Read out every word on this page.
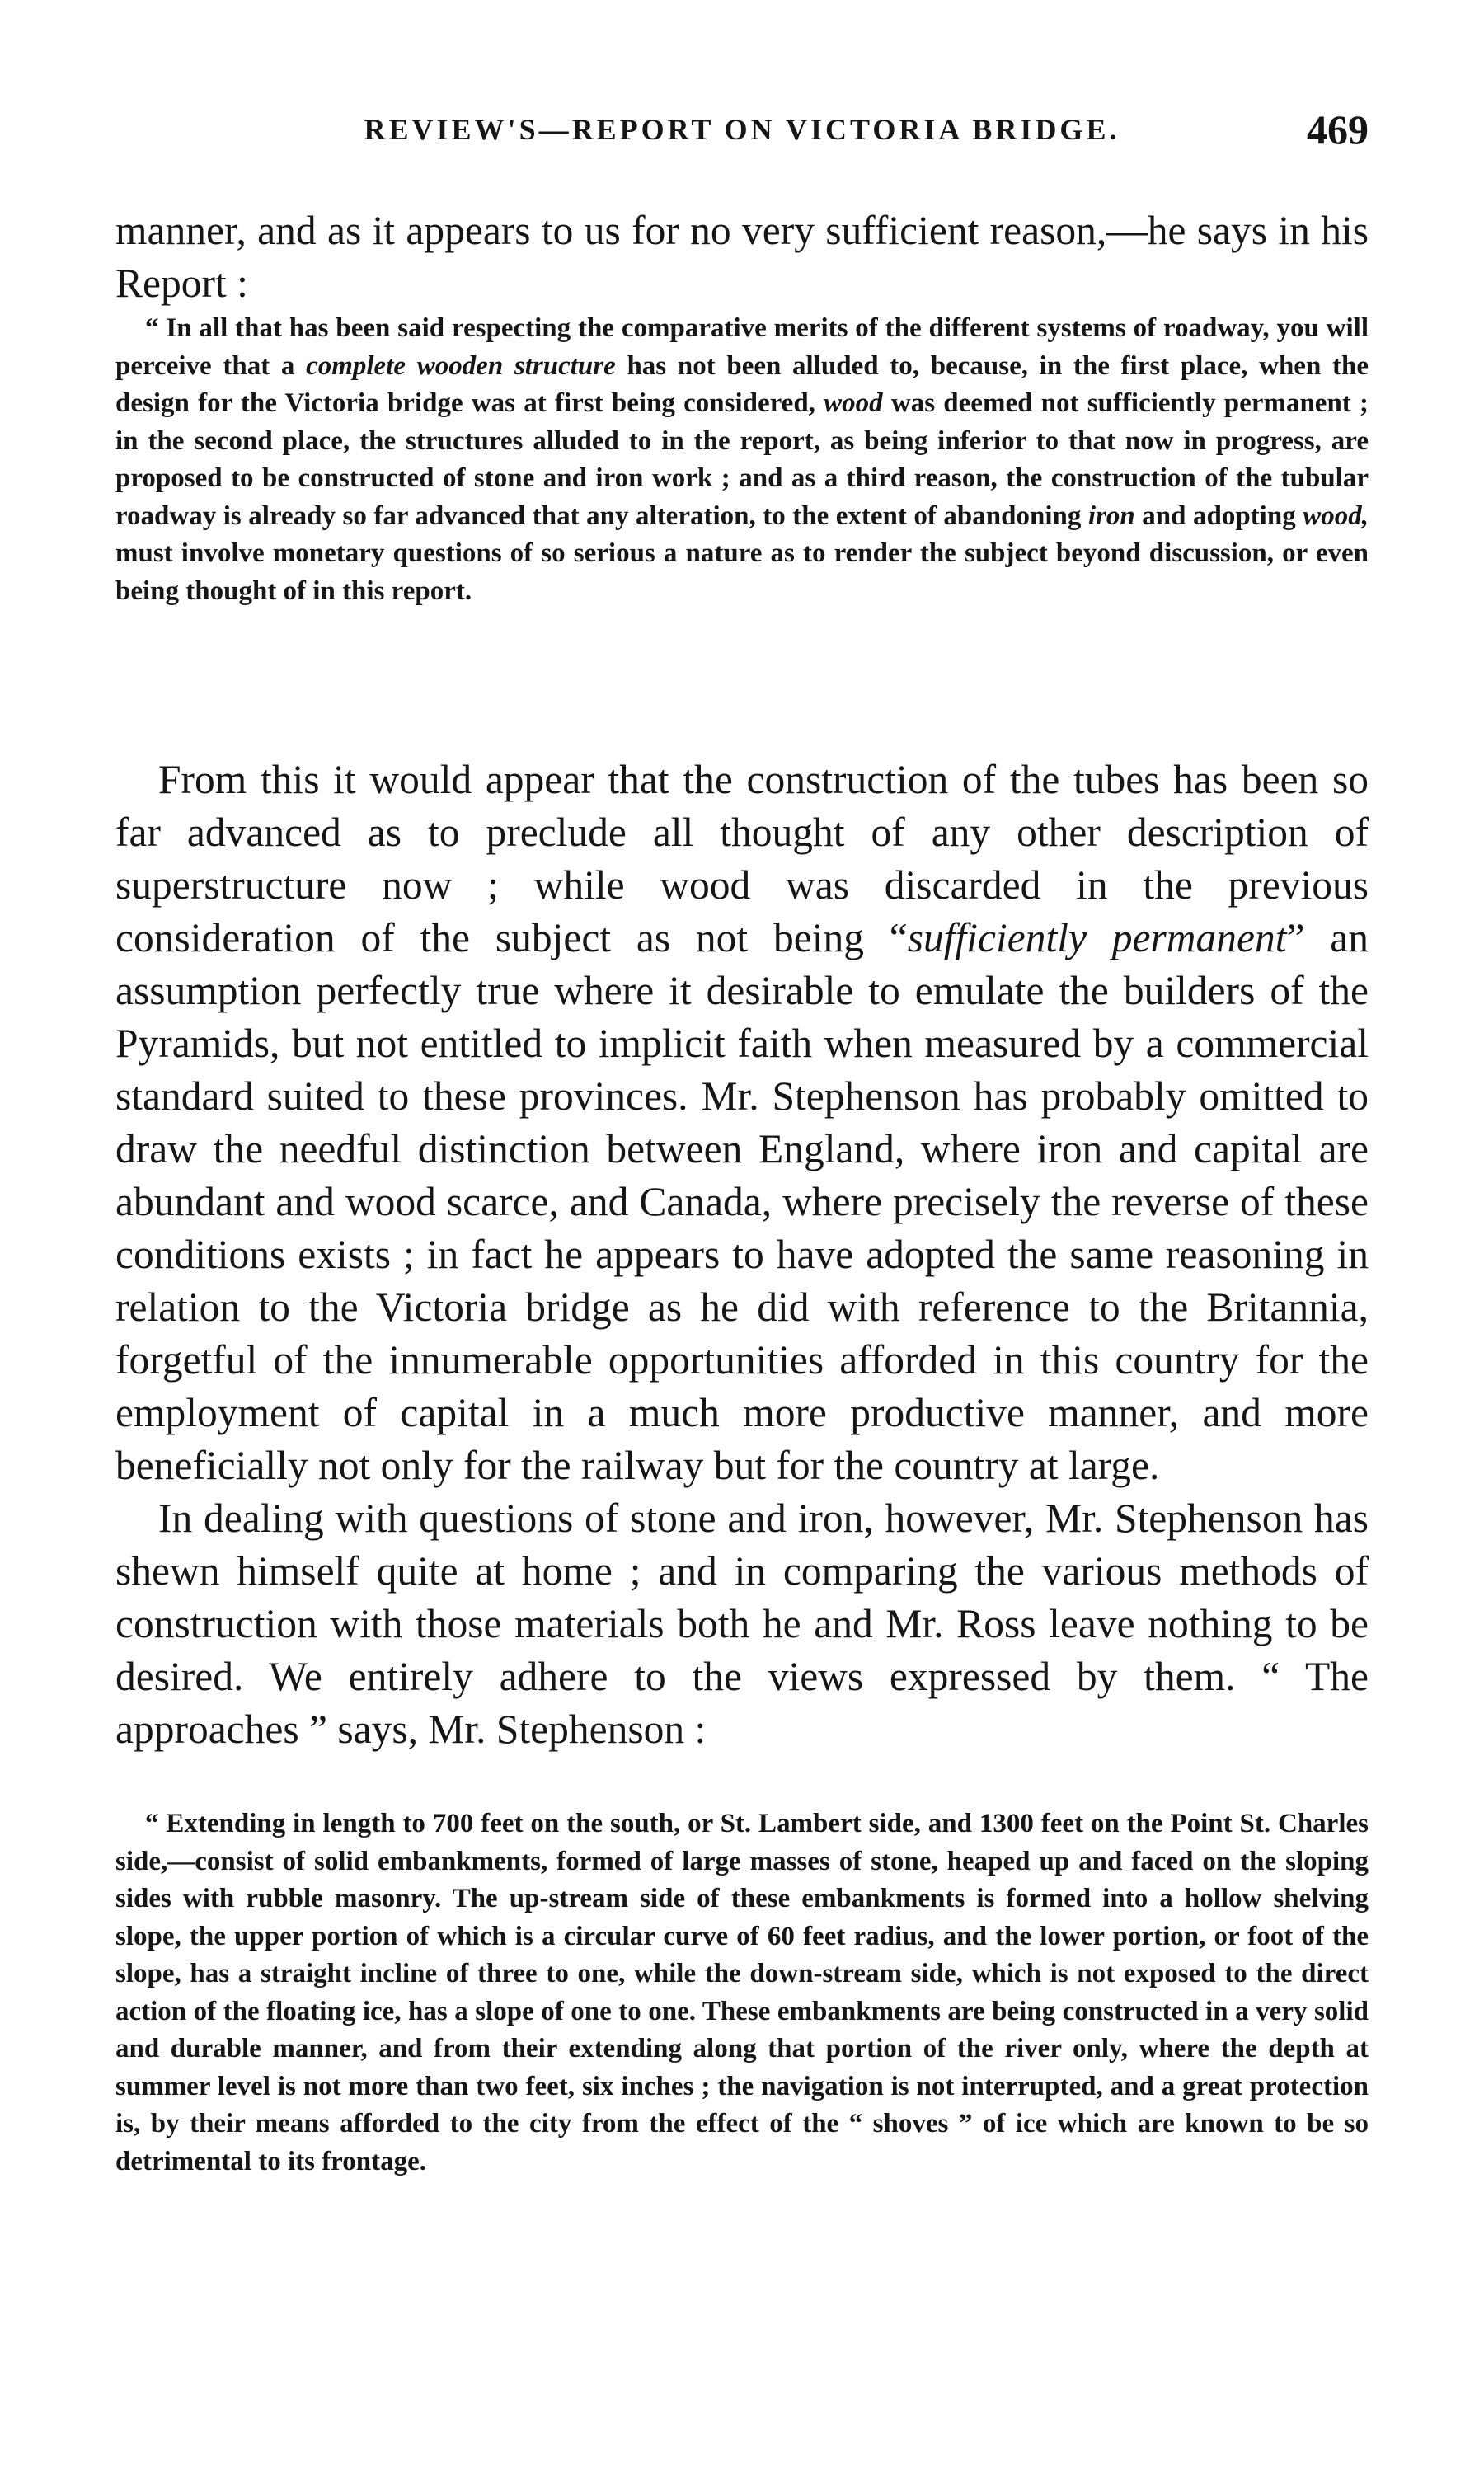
REVIEW'S—REPORT ON VICTORIA BRIDGE.	469

manner, and as it appears to us for no very sufficient reason,—he says in his Report :

“ In all that has been said respecting the comparative merits of the different systems of roadway, you will perceive that a complete wooden structure has not been alluded to, because, in the first place, when the design for the Victoria bridge was at first being considered, wood was deemed not sufficiently permanent ; in the second place, the structures alluded to in the report, as being inferior to that now in progress, are proposed to be constructed of stone and iron work ; and as a third reason, the construction of the tubular roadway is already so far advanced that any alteration, to the extent of abandoning iron and adopting wood, must involve monetary questions of so serious a nature as to render the subject beyond discussion, or even being thought of in this report.

From this it would appear that the construction of the tubes has been so far advanced as to preclude all thought of any other description of superstructure now ; while wood was discarded in the previous consideration of the subject as not being “sufficiently permanent” an assumption perfectly true where it desirable to emulate the builders of the Pyramids, but not entitled to implicit faith when measured by a commercial standard suited to these provinces. Mr. Stephenson has probably omitted to draw the needful distinction between England, where iron and capital are abundant and wood scarce, and Canada, where precisely the reverse of these conditions exists ; in fact he appears to have adopted the same reasoning in relation to the Victoria bridge as he did with reference to the Britannia, forgetful of the innumerable opportunities afforded in this country for the employment of capital in a much more productive manner, and more beneficially not only for the railway but for the country at large.

In dealing with questions of stone and iron, however, Mr. Stephenson has shewn himself quite at home ; and in comparing the various methods of construction with those materials both he and Mr. Ross leave nothing to be desired. We entirely adhere to the views expressed by them. “ The approaches ” says, Mr. Stephenson :

“ Extending in length to 700 feet on the south, or St. Lambert side, and 1300 feet on the Point St. Charles side,—consist of solid embankments, formed of large masses of stone, heaped up and faced on the sloping sides with rubble masonry. The up-stream side of these embankments is formed into a hollow shelving slope, the upper portion of which is a circular curve of 60 feet radius, and the lower portion, or foot of the slope, has a straight incline of three to one, while the down-stream side, which is not exposed to the direct action of the floating ice, has a slope of one to one. These embankments are being constructed in a very solid and durable manner, and from their extending along that portion of the river only, where the depth at summer level is not more than two feet, six inches ; the navigation is not interrupted, and a great protection is, by their means afforded to the city from the effect of the “ shoves ” of ice which are known to be so detrimental to its frontage.
